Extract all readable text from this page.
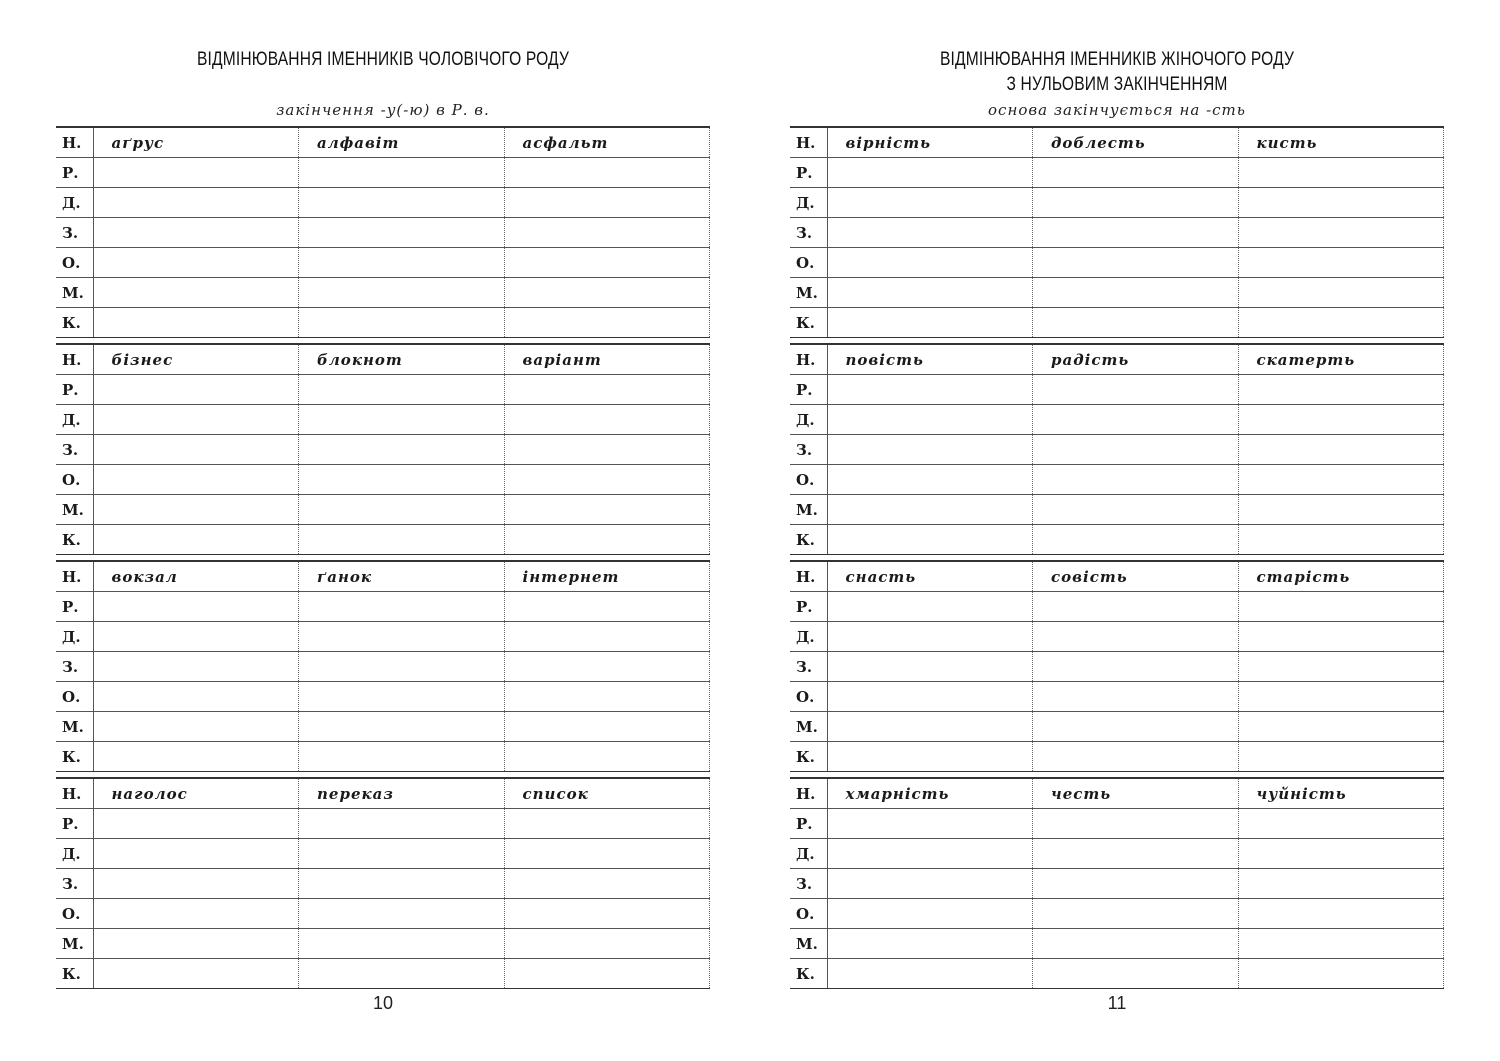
ВІДМІНЮВАННЯ ІМЕННИКІВ ЧОЛОВІЧОГО РОДУ
закінчення -у(-ю) в Р. в.
Н.	аґрус	алфавіт	асфальт
Р.			
Д.			
З.			
О.			
М.			
К.			
Н.	бізнес	блокнот	варіант
Р.			
Д.			
З.			
О.			
М.			
К.			
Н.	вокзал	ґанок	інтернет
Р.			
Д.			
З.			
О.			
М.			
К.			
Н.	наголос	переказ	список
Р.			
Д.			
З.			
О.			
М.			
К.			
10
ВІДМІНЮВАННЯ ІМЕННИКІВ ЖІНОЧОГО РОДУ
З НУЛЬОВИМ ЗАКІНЧЕННЯМ
основа закінчується на -сть
Н.	вірність	доблесть	кисть
Р.			
Д.			
З.			
О.			
М.			
К.			
Н.	повість	радість	скатерть
Р.			
Д.			
З.			
О.			
М.			
К.			
Н.	снасть	совість	старість
Р.			
Д.			
З.			
О.			
М.			
К.			
Н.	хмарність	честь	чуйність
Р.			
Д.			
З.			
О.			
М.			
К.			
11
